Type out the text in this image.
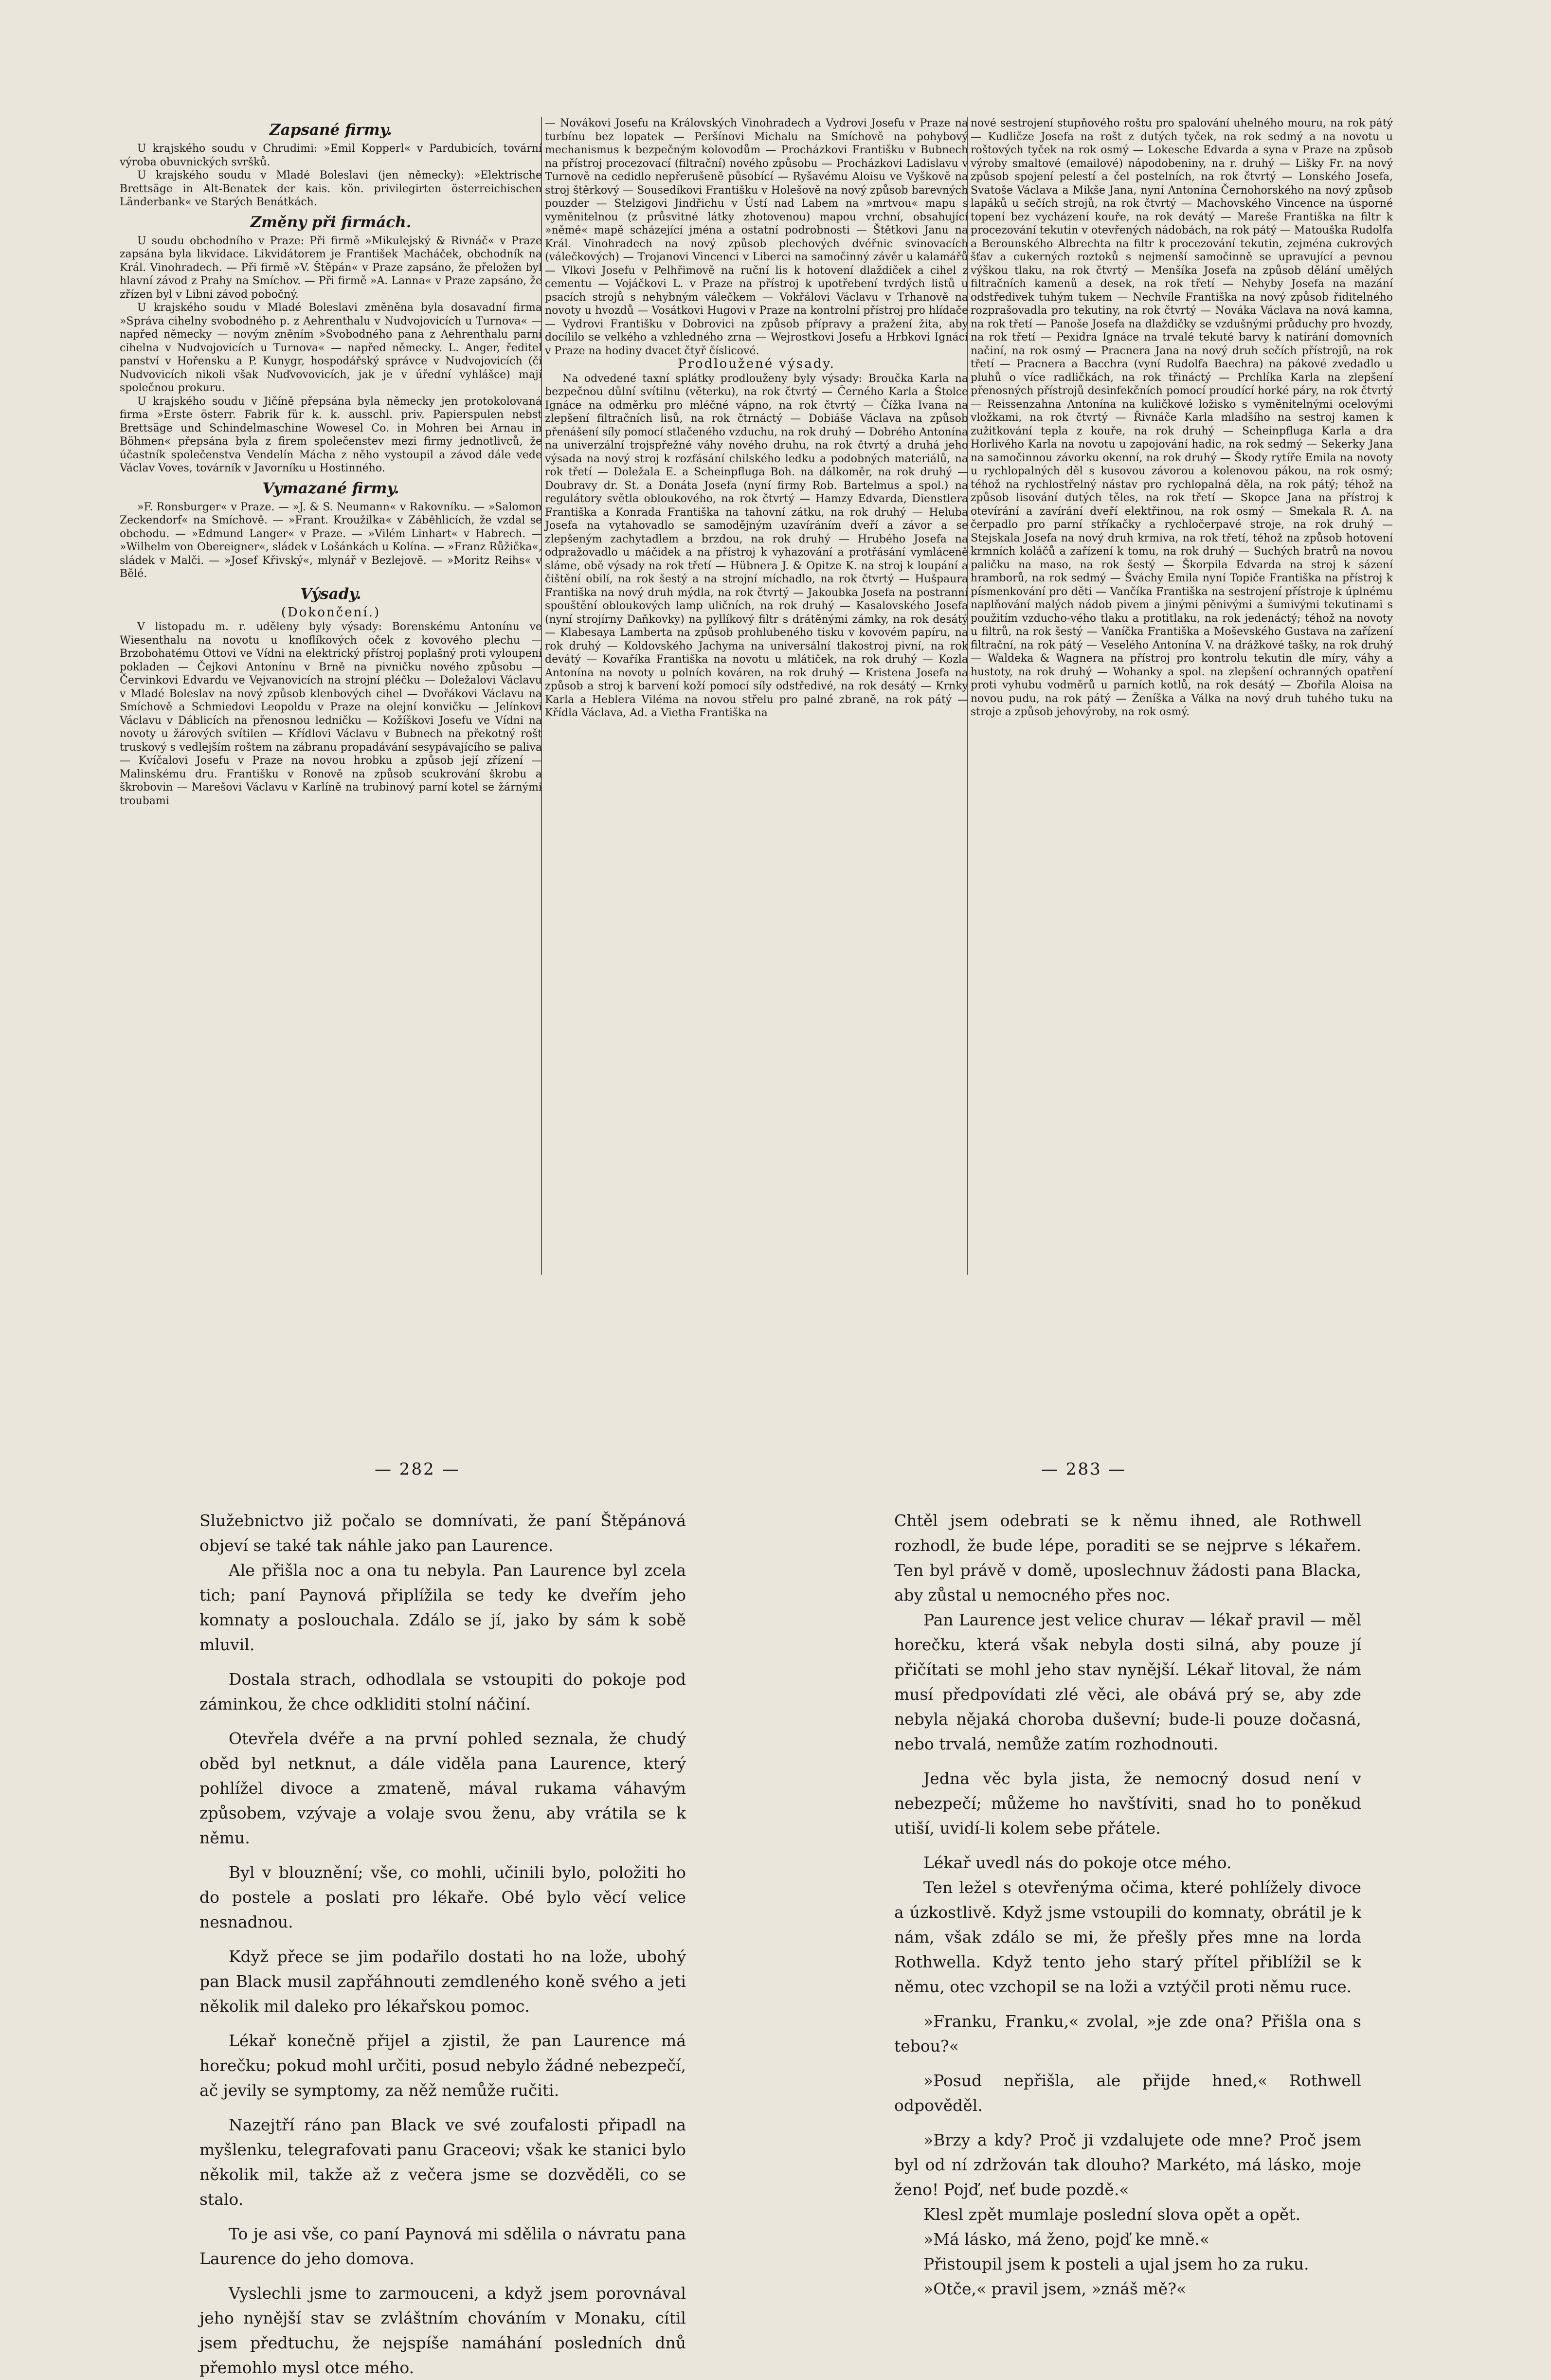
Zapsané firmy.

U krajského soudu v Chrudimi: »Emil Kopperl« v Pardubicích, tovární výroba obuvnických svršků.

U krajského soudu v Mladé Boleslavi (jen německy): »Elektrische Brettsäge in Alt-Benatek der kais. kön. privilegirten österreichischen Länderbank« ve Starých Benátkách.

Změny při firmách.

U soudu obchodního v Praze: Při firmě »Mikulejský & Rivnáč« v Praze zapsána byla likvidace. Likvidátorem je František Macháček, obchodník na Král. Vinohradech. — Při firmě »V. Štěpán« v Praze zapsáno, že přeložen byl hlavní závod z Prahy na Smíchov. — Při firmě »A. Lanna« v Praze zapsáno, že zřízen byl v Libni závod pobočný.

U krajského soudu v Mladé Boleslavi změněna byla dosavadní firma »Správa cihelny svobodného p. z Aehrenthalu v Nudvojovicích u Turnova« — napřed německy — novým zněním »Svobodného pana z Aehrenthalu parní cihelna v Nudvojovicích u Turnova« — napřed německy. L. Anger, ředitel panství v Hořensku a P. Kunygr, hospodářský správce v Nudvojovicích (či Nudvovicích nikoli však Nuďvovovicích, jak je v úřední vyhlášce) mají společnou prokuru.

U krajského soudu v Jičíně přepsána byla německy jen protokolovaná firma »Erste österr. Fabrik für k. k. ausschl. priv. Papierspulen nebst Brettsäge und Schindelmaschine Wowesel Co. in Mohren bei Arnau in Böhmen« přepsána byla z firem společenstev mezi firmy jednotlivců, že účastník společenstva Vendelín Mácha z něho vystoupil a závod dále vede Václav Voves, továrník v Javorníku u Hostinného.

Vymazané firmy.

»F. Ronsburger« v Praze. — »J. & S. Neumann« v Rakovníku. — »Salomon Zeckendorf« na Smíchově. — »Frant. Kroužilka« v Záběhlicích, že vzdal se obchodu. — »Edmund Langer« v Praze. — »Vilém Linhart« v Habrech. — »Wilhelm von Obereigner«, sládek v Lošánkách u Kolína. — »Franz Růžička«, sládek v Malči. — »Josef Křivský«, mlynář v Bezlejově. — »Moritz Reihs« v Bělé.

Výsady.
(Dokončení.)

V listopadu m. r. uděleny byly výsady: Borenskému Antonínu ve Wiesenthalu na novotu u knoflíkových oček z kovového plechu — Brzobohatému Ottovi ve Vídni na elektrický přístroj poplašný proti vyloupení pokladen — Čejkovi Antonínu v Brně na pivničku nového způsobu — Červinkovi Edvardu ve Vejvanovicích na strojní pléčku — Doležalovi Václavu v Mladé Boleslav na nový způsob klenbových cihel — Dvořákovi Václavu na Smíchově a Schmiedovi Leopoldu v Praze na olejní konvičku — Jelínkovi Václavu v Dáblicích na přenosnou ledničku — Kožíškovi Josefu ve Vídni na novoty u žárových svítilen — Křídlovi Václavu v Bubnech na překotný rošt truskový s vedlejším roštem na zábranu propadávání sesypávajícího se paliva — Kvíčalovi Josefu v Praze na novou hrobku a způsob její zřízení — Malinskému dru. Františku v Ronově na způsob scukrování škrobu a škrobovin — Marešovi Václavu v Karlíně na trubinový parní kotel se žárnými troubami

— Novákovi Josefu na Královských Vinohradech a Vydrovi Josefu v Praze na turbínu bez lopatek — Peršínovi Michalu na Smíchově na pohybový mechanismus k bezpečným kolovodům — Procházkovi Františku v Bubnech na přístroj procezovací (filtrační) nového způsobu — Procházkovi Ladislavu v Turnově na cedidlo nepřerušeně působící — Ryšavému Aloisu ve Vyškově na stroj štěrkový — Sousedíkovi Františku v Holešově na nový způsob barevných pouzder — Stelzigovi Jindřichu v Ústí nad Labem na »mrtvou« mapu s vyměnitelnou (z průsvitné látky zhotovenou) mapou vrchní, obsahující »němé« mapě scházející jména a ostatní podrobnosti — Štětkovi Janu na Král. Vinohradech na nový způsob plechových dvéřnic svinovacích (válečkových) — Trojanovi Vincenci v Liberci na samočinný závěr u kalamářů — Vlkovi Josefu v Pelhřimově na ruční lis k hotovení dlaždiček a cihel z cementu — Vojáčkovi L. v Praze na přístroj k upotřebení tvrdých listů u psacích strojů s nehybným válečkem — Vokřálovi Václavu v Trhanově na novoty u hvozdů — Vosátkovi Hugovi v Praze na kontrolní přístroj pro hlídače — Vydrovi Františku v Dobrovici na způsob přípravy a pražení žita, aby docílilo se velkého a vzhledného zrna — Wejrostkovi Josefu a Hrbkovi Ignáci v Praze na hodiny dvacet čtyř číslicové.

Prodloužené výsady.

Na odvedené taxní splátky prodlouženy byly výsady: Broučka Karla na bezpečnou důlní svítilnu (věterku), na rok čtvrtý — Černého Karla a Štolce Ignáce na odměrku pro mléčné vápno, na rok čtvrtý — Čížka Ivana na zlepšení filtračních lisů, na rok čtrnáctý — Dobiáše Václava na způsob přenášení síly pomocí stlačeného vzduchu, na rok druhý — Dobrého Antonína na univerzální trojspřežné váhy nového druhu, na rok čtvrtý a druhá jeho výsada na nový stroj k rozfásání chilského ledku a podobných materiálů, na rok třetí — Doležala E. a Scheinpfluga Boh. na dálkoměr, na rok druhý — Doubravy dr. St. a Donáta Josefa (nyní firmy Rob. Bartelmus a spol.) na regulátory světla obloukového, na rok čtvrtý — Hamzy Edvarda, Dienstlera Františka a Konrada Františka na tahovní zátku, na rok druhý — Heluba Josefa na vytahovadlo se samodějným uzavíráním dveří a závor a se zlepšeným zachytadlem a brzdou, na rok druhý — Hrubého Josefa na odpražovadlo u máčidek a na přístroj k vyhazování a protřásání vymláceně sláme, obě výsady na rok třetí — Hübnera J. & Opitze K. na stroj k loupání a čištění obilí, na rok šestý a na strojní míchadlo, na rok čtvrtý — Hušpaura Františka na nový druh mýdla, na rok čtvrtý — Jakoubka Josefa na postranní spouštění obloukových lamp uličních, na rok druhý — Kasalovského Josefa (nyní strojírny Daňkovky) na pyllíkový filtr s drátěnými zámky, na rok desátý — Klabesaya Lamberta na způsob prohlubeného tisku v kovovém papíru, na rok druhý — Koldovského Jachyma na universální tlakostroj pivní, na rok devátý — Kovaříka Františka na novotu u mlátiček, na rok druhý — Kozla Antonína na novoty u polních kováren, na rok druhý — Kristena Josefa na způsob a stroj k barvení koží pomocí síly odstředivé, na rok desátý — Krnky Karla a Heblera Viléma na novou střelu pro palné zbraně, na rok pátý — Křídla Václava, Ad. a Vietha Františka na

nové sestrojení stupňového roštu pro spalování uhelného mouru, na rok pátý — Kudličze Josefa na rošt z dutých tyček, na rok sedmý a na novotu u roštových tyček na rok osmý — Lokesche Edvarda a syna v Praze na způsob výroby smaltové (emailové) nápodobeniny, na r. druhý — Lišky Fr. na nový způsob spojení pelestí a čel postelních, na rok čtvrtý — Lonského Josefa, Svatoše Václava a Mikše Jana, nyní Antonína Černohorského na nový způsob lapáků u sečích strojů, na rok čtvrtý — Machovského Vincence na úsporné topení bez vycházení kouře, na rok devátý — Mareše Františka na filtr k procezování tekutin v otevřených nádobách, na rok pátý — Matouška Rudolfa a Berounského Albrechta na filtr k procezování tekutin, zejména cukrových šťav a cukerných roztoků s nejmenší samočinně se upravující a pevnou výškou tlaku, na rok čtvrtý — Menšíka Josefa na způsob dělání umělých filtračních kamenů a desek, na rok třetí — Nehyby Josefa na mazání odstředivek tuhým tukem — Nechvíle Františka na nový způsob řiditelného rozprašovadla pro tekutiny, na rok čtvrtý — Nováka Václava na nová kamna, na rok třetí — Panoše Josefa na dlaždičky se vzdušnými průduchy pro hvozdy, na rok třetí — Pexidra Ignáce na trvalé tekuté barvy k natírání domovních načiní, na rok osmý — Pracnera Jana na nový druh sečích přístrojů, na rok třetí — Pracnera a Bacchra (vyní Rudolfa Baechra) na pákové zvedadlo u pluhů o více radličkách, na rok třináctý — Prchlíka Karla na zlepšení přenosných přístrojů desinfekčních pomocí proudící horké páry, na rok čtvrtý — Reissenzahna Antonína na kuličkové ložisko s vyměnitelnými ocelovými vložkami, na rok čtvrtý — Řivnáče Karla mladšího na sestroj kamen k zužitkování tepla z kouře, na rok druhý — Scheinpfluga Karla a dra Horlivého Karla na novotu u zapojování hadic, na rok sedmý — Sekerky Jana na samočinnou závorku okenní, na rok druhý — Škody rytíře Emila na novoty u rychlopalných děl s kusovou závorou a kolenovou pákou, na rok osmý; téhož na rychlostřelný nástav pro rychlopalná děla, na rok pátý; téhož na způsob lisování dutých těles, na rok třetí — Skopce Jana na přístroj k otevírání a zavírání dveří elektřinou, na rok osmý — Smekala R. A. na čerpadlo pro parní stříkačky a rychločerpavé stroje, na rok druhý — Stejskala Josefa na nový druh krmiva, na rok třetí, téhož na způsob hotovení krmních koláčů a zařízení k tomu, na rok druhý — Suchých bratrů na novou paličku na maso, na rok šestý — Škorpila Edvarda na stroj k sázení hramborů, na rok sedmý — Šváchy Emila nyní Topiče Františka na přístroj k písmenkování pro děti — Vančíka Františka na sestrojení přístroje k úplnému naplňování malých nádob pivem a jinými pěnivými a šumivými tekutinami s použitím vzducho-vého tlaku a protitlaku, na rok jedenáctý; téhož na novoty u filtrů, na rok šestý — Vaníčka Františka a Moševského Gustava na zařízení filtrační, na rok pátý — Veselého Antonína V. na drážkové tašky, na rok druhý — Waldeka & Wagnera na přístroj pro kontrolu tekutin dle míry, váhy a hustoty, na rok druhý — Wohanky a spol. na zlepšení ochranných opatření proti vyhubu vodměrů u parních kotlů, na rok desátý — Zbořila Aloisa na novou pudu, na rok pátý — Ženíška a Válka na nový druh tuhého tuku na stroje a způsob jehovýroby, na rok osmý.

— 282 —	— 283 —

Služebnictvo již počalo se domnívati, že paní Štěpánová objeví se také tak náhle jako pan Laurence.

Ale přišla noc a ona tu nebyla. Pan Laurence byl zcela tich; paní Paynová připlížila se tedy ke dveřím jeho komnaty a poslouchala. Zdálo se jí, jako by sám k sobě mluvil.

Dostala strach, odhodlala se vstoupiti do pokoje pod záminkou, že chce odkliditi stolní náčiní.

Otevřela dvéře a na první pohled seznala, že chudý oběd byl netknut, a dále viděla pana Laurence, který pohlížel divoce a zmateně, mával rukama váhavým způsobem, vzývaje a volaje svou ženu, aby vrátila se k němu.

Byl v blouznění; vše, co mohli, učinili bylo, položiti ho do postele a poslati pro lékaře. Obé bylo věcí velice nesnadnou.

Když přece se jim podařilo dostati ho na lože, ubohý pan Black musil zapřáhnouti zemdleného koně svého a jeti několik mil daleko pro lékařskou pomoc.

Lékař konečně přijel a zjistil, že pan Laurence má horečku; pokud mohl určiti, posud nebylo žádné nebezpečí, ač jevily se symptomy, za něž nemůže ručiti.

Nazejtří ráno pan Black ve své zoufalosti připadl na myšlenku, telegrafovati panu Graceovi; však ke stanici bylo několik mil, takže až z večera jsme se dozvěděli, co se stalo.

To je asi vše, co paní Paynová mi sdělila o návratu pana Laurence do jeho domova.

Vyslechli jsme to zarmouceni, a když jsem porovnával jeho nynější stav se zvláštním chováním v Monaku, cítil jsem předtuchu, že nejspíše namáhání posledních dnů přemohlo mysl otce mého.

Chtěl jsem odebrati se k němu ihned, ale Rothwell rozhodl, že bude lépe, poraditi se se nejprve s lékařem. Ten byl právě v domě, uposlechnuv žádosti pana Blacka, aby zůstal u nemocného přes noc.

Pan Laurence jest velice churav — lékař pravil — měl horečku, která však nebyla dosti silná, aby pouze jí přičítati se mohl jeho stav nynější. Lékař litoval, že nám musí předpovídati zlé věci, ale obává prý se, aby zde nebyla nějaká choroba duševní; bude-li pouze dočasná, nebo trvalá, nemůže zatím rozhodnouti.

Jedna věc byla jista, že nemocný dosud není v nebezpečí; můžeme ho navštíviti, snad ho to poněkud utiší, uvidí-li kolem sebe přátele.

Lékař uvedl nás do pokoje otce mého.

Ten ležel s otevřenýma očima, které pohlížely divoce a úzkostlivě. Když jsme vstoupili do komnaty, obrátil je k nám, však zdálo se mi, že přešly přes mne na lorda Rothwella. Když tento jeho starý přítel přiblížil se k němu, otec vzchopil se na loži a vztýčil proti němu ruce.

»Franku, Franku,« zvolal, »je zde ona? Přišla ona s tebou?«

»Posud nepřišla, ale přijde hned,« Rothwell odpověděl.

»Brzy a kdy? Proč ji vzdalujete ode mne? Proč jsem byl od ní zdržován tak dlouho? Markéto, má lásko, moje ženo! Pojď, neť bude pozdě.«

Klesl zpět mumlaje poslední slova opět a opět.

»Má lásko, má ženo, pojď ke mně.«

Přistoupil jsem k posteli a ujal jsem ho za ruku.

»Otče,« pravil jsem, »znáš mě?«
